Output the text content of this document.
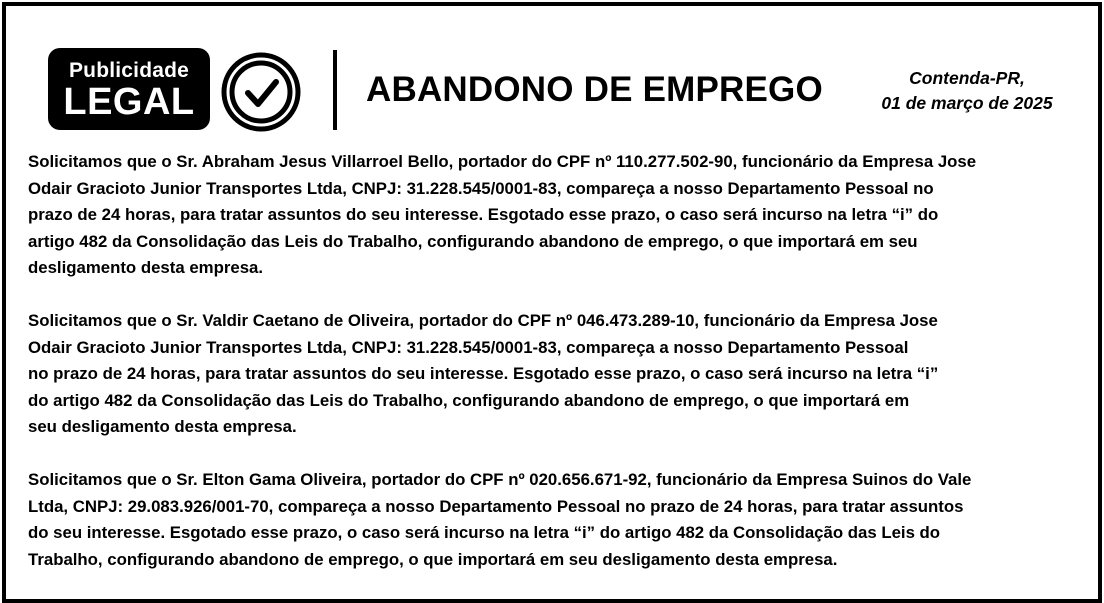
Publicidade
LEGAL	ABANDONO DE EMPREGO	Contenda-PR,
01 de março de 2025

Solicitamos que o Sr. Abraham Jesus Villarroel Bello, portador do CPF nº 110.277.502-90, funcionário da Empresa Jose
Odair Gracioto Junior Transportes Ltda, CNPJ: 31.228.545/0001-83, compareça a nosso Departamento Pessoal no
prazo de 24 horas, para tratar assuntos do seu interesse. Esgotado esse prazo, o caso será incurso na letra “i” do
artigo 482 da Consolidação das Leis do Trabalho, configurando abandono de emprego, o que importará em seu
desligamento desta empresa.

Solicitamos que o Sr. Valdir Caetano de Oliveira, portador do CPF nº 046.473.289-10, funcionário da Empresa Jose
Odair Gracioto Junior Transportes Ltda, CNPJ: 31.228.545/0001-83, compareça a nosso Departamento Pessoal
no prazo de 24 horas, para tratar assuntos do seu interesse. Esgotado esse prazo, o caso será incurso na letra “i”
do artigo 482 da Consolidação das Leis do Trabalho, configurando abandono de emprego, o que importará em
seu desligamento desta empresa.

Solicitamos que o Sr. Elton Gama Oliveira, portador do CPF nº 020.656.671-92, funcionário da Empresa Suinos do Vale
Ltda, CNPJ: 29.083.926/001-70, compareça a nosso Departamento Pessoal no prazo de 24 horas, para tratar assuntos
do seu interesse. Esgotado esse prazo, o caso será incurso na letra “i” do artigo 482 da Consolidação das Leis do
Trabalho, configurando abandono de emprego, o que importará em seu desligamento desta empresa.
